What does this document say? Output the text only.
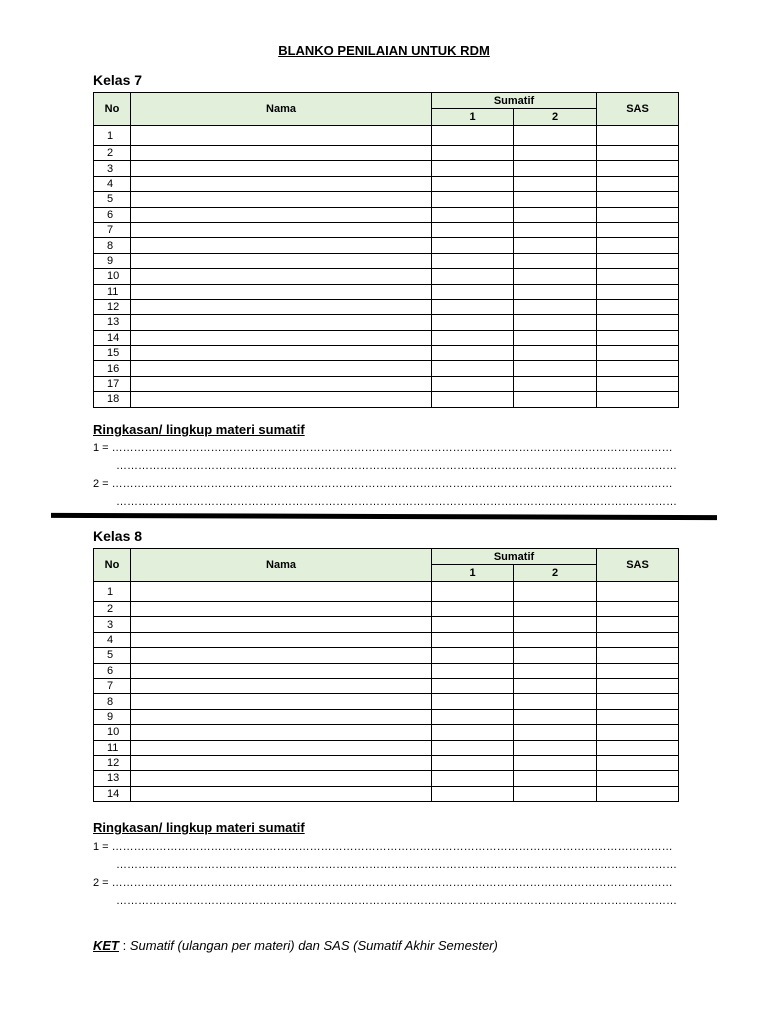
BLANKO PENILAIAN UNTUK RDM
Kelas 7
No	Nama	Sumatif		SAS
		1	2	
1				
2				
3				
4				
5				
6				
7				
8				
9				
10				
11				
12				
13				
14				
15				
16				
17				
18				
Ringkasan/ lingkup materi sumatif
1 = ………………………………………………………………………………………………………………………………………
………………………………………………………………………………………………………………………………………
2 = ………………………………………………………………………………………………………………………………………
………………………………………………………………………………………………………………………………………
Kelas 8
No	Nama	Sumatif		SAS
		1	2	
1				
2				
3				
4				
5				
6				
7				
8				
9				
10				
11				
12				
13				
14				
Ringkasan/ lingkup materi sumatif
1 = ………………………………………………………………………………………………………………………………………
………………………………………………………………………………………………………………………………………
2 = ………………………………………………………………………………………………………………………………………
………………………………………………………………………………………………………………………………………
KET : Sumatif (ulangan per materi) dan SAS (Sumatif Akhir Semester)
